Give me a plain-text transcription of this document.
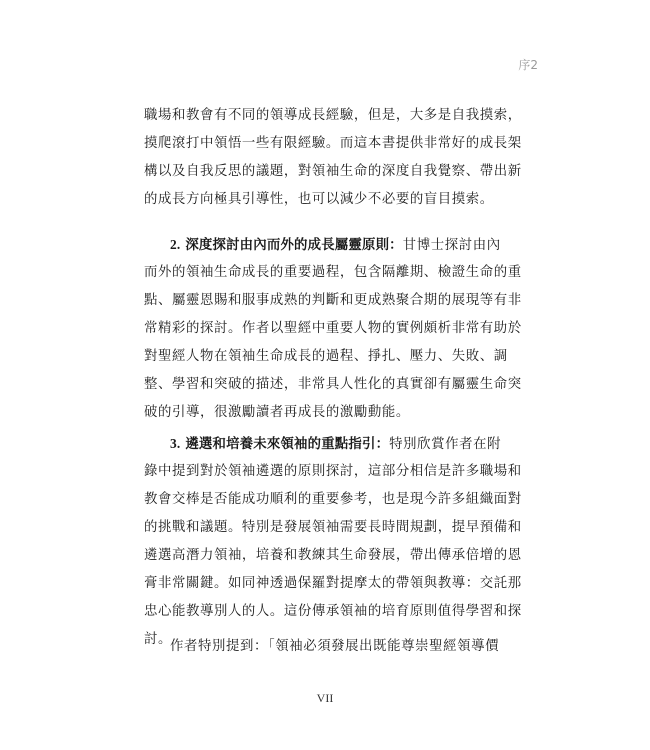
序2
職場和教會有不同的領導成長經驗，但是，大多是自我摸索，
摸爬滾打中領悟一些有限經驗。而這本書提供非常好的成長架
構以及自我反思的議題，對領袖生命的深度自我覺察、帶出新
的成長方向極具引導性，也可以減少不必要的盲目摸索。
2. 深度探討由內而外的成長屬靈原則：甘博士探討由內
而外的領袖生命成長的重要過程，包含隔離期、檢證生命的重
點、屬靈恩賜和服事成熟的判斷和更成熟聚合期的展現等有非
常精彩的探討。作者以聖經中重要人物的實例頗析非常有助於
對聖經人物在領袖生命成長的過程、掙扎、壓力、失敗、調
整、學習和突破的描述，非常具人性化的真實卻有屬靈生命突
破的引導，很激勵讀者再成長的激勵動能。
3. 遴選和培養未來領袖的重點指引：特別欣賞作者在附
錄中提到對於領袖遴選的原則探討，這部分相信是許多職場和
教會交棒是否能成功順利的重要參考，也是現今許多組織面對
的挑戰和議題。特別是發展領袖需要長時間規劃，提早預備和
遴選高潛力領袖，培養和教練其生命發展，帶出傳承倍增的恩
膏非常關鍵。如同神透過保羅對提摩太的帶領與教導：交託那
忠心能教導別人的人。這份傳承領袖的培育原則值得學習和探
討。
作者特別提到：「領袖必須發展出既能尊崇聖經領導價
VII
